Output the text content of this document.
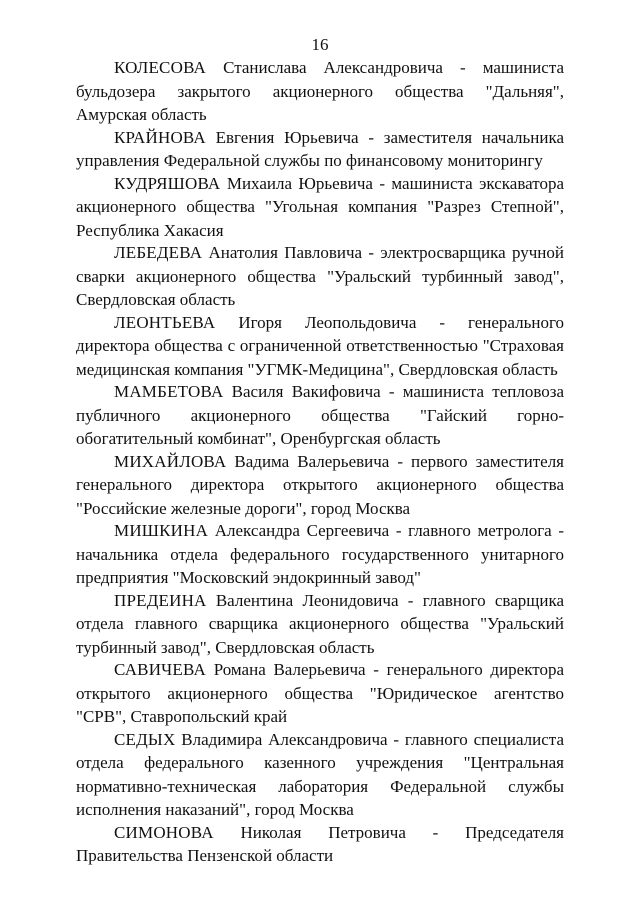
16

КОЛЕСОВА Станислава Александровича - машиниста бульдозера закрытого акционерного общества "Дальняя", Амурская область

КРАЙНОВА Евгения Юрьевича - заместителя начальника управления Федеральной службы по финансовому мониторингу

КУДРЯШОВА Михаила Юрьевича - машиниста экскаватора акционерного общества "Угольная компания "Разрез Степной", Республика Хакасия

ЛЕБЕДЕВА Анатолия Павловича - электросварщика ручной сварки акционерного общества "Уральский турбинный завод", Свердловская область

ЛЕОНТЬЕВА Игоря Леопольдовича - генерального директора общества с ограниченной ответственностью "Страховая медицинская компания "УГМК-Медицина", Свердловская область

МАМБЕТОВА Василя Вакифовича - машиниста тепловоза публичного акционерного общества "Гайский горно-обогатительный комбинат", Оренбургская область

МИХАЙЛОВА Вадима Валерьевича - первого заместителя генерального директора открытого акционерного общества "Российские железные дороги", город Москва

МИШКИНА Александра Сергеевича - главного метролога - начальника отдела федерального государственного унитарного предприятия "Московский эндокринный завод"

ПРЕДЕИНА Валентина Леонидовича - главного сварщика отдела главного сварщика акционерного общества "Уральский турбинный завод", Свердловская область

САВИЧЕВА Романа Валерьевича - генерального директора открытого акционерного общества "Юридическое агентство "СРВ", Ставропольский край

СЕДЫХ Владимира Александровича - главного специалиста отдела федерального казенного учреждения "Центральная нормативно-техническая лаборатория Федеральной службы исполнения наказаний", город Москва

СИМОНОВА Николая Петровича - Председателя Правительства Пензенской области
